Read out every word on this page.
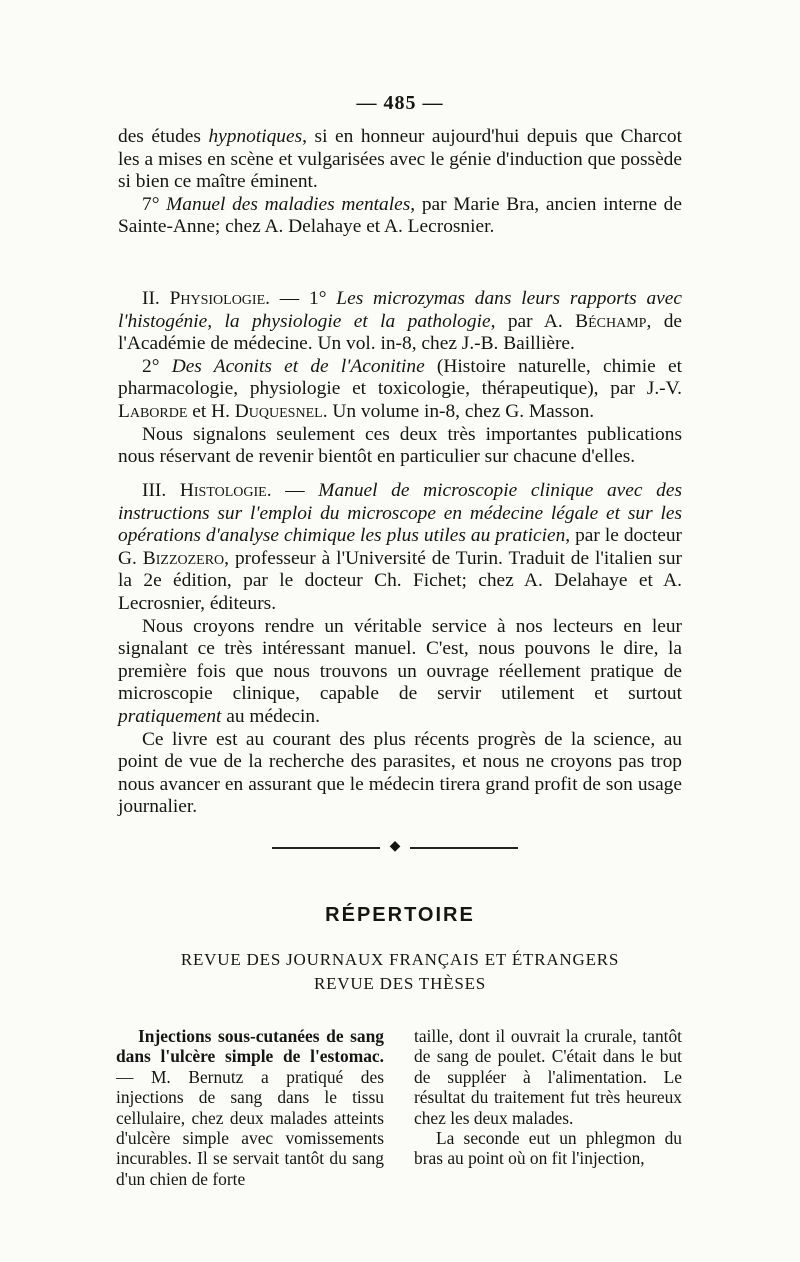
— 485 —

des études hypnotiques, si en honneur aujourd'hui depuis que Charcot les a mises en scène et vulgarisées avec le génie d'induction que possède si bien ce maître éminent.

7° Manuel des maladies mentales, par Marie Bra, ancien interne de Sainte-Anne; chez A. Delahaye et A. Lecrosnier.

II. Physiologie. — 1° Les microzymas dans leurs rapports avec l'histogénie, la physiologie et la pathologie, par A. Béchamp, de l'Académie de médecine. Un vol. in-8, chez J.-B. Baillière.

2° Des Aconits et de l'Aconitine (Histoire naturelle, chimie et pharmacologie, physiologie et toxicologie, thérapeutique), par J.-V. Laborde et H. Duquesnel. Un volume in-8, chez G. Masson.

Nous signalons seulement ces deux très importantes publications nous réservant de revenir bientôt en particulier sur chacune d'elles.

III. Histologie. — Manuel de microscopie clinique avec des instructions sur l'emploi du microscope en médecine légale et sur les opérations d'analyse chimique les plus utiles au praticien, par le docteur G. Bizzozero, professeur à l'Université de Turin. Traduit de l'italien sur la 2e édition, par le docteur Ch. Fichet; chez A. Delahaye et A. Lecrosnier, éditeurs.

Nous croyons rendre un véritable service à nos lecteurs en leur signalant ce très intéressant manuel. C'est, nous pouvons le dire, la première fois que nous trouvons un ouvrage réellement pratique de microscopie clinique, capable de servir utilement et surtout pratiquement au médecin.

Ce livre est au courant des plus récents progrès de la science, au point de vue de la recherche des parasites, et nous ne croyons pas trop nous avancer en assurant que le médecin tirera grand profit de son usage journalier.

◆
RÉPERTOIRE
REVUE DES JOURNAUX FRANÇAIS ET ÉTRANGERS
REVUE DES THÈSES

Injections sous-cutanées de sang dans l'ulcère simple de l'estomac. — M. Bernutz a pratiqué des injections de sang dans le tissu cellulaire, chez deux malades atteints d'ulcère simple avec vomissements incurables. Il se servait tantôt du sang d'un chien de forte

taille, dont il ouvrait la crurale, tantôt de sang de poulet. C'était dans le but de suppléer à l'alimentation. Le résultat du traitement fut très heureux chez les deux malades.

La seconde eut un phlegmon du bras au point où on fit l'injection,
